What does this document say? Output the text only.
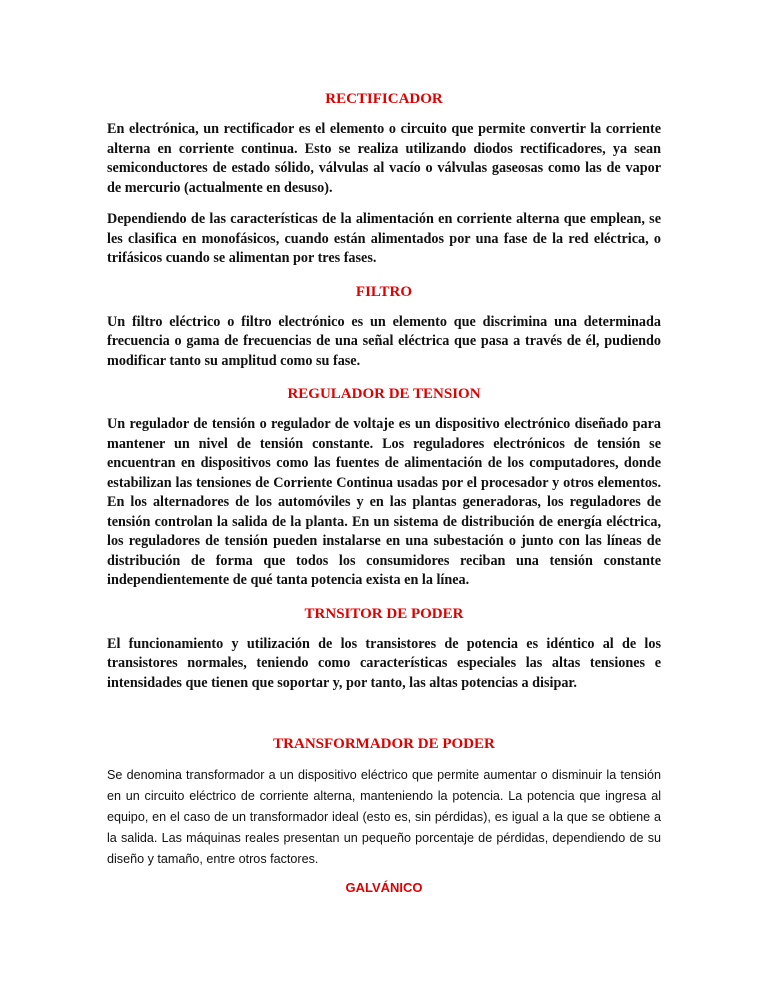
RECTIFICADOR

En electrónica, un rectificador es el elemento o circuito que permite convertir la corriente alterna en corriente continua. Esto se realiza utilizando diodos rectificadores, ya sean semiconductores de estado sólido, válvulas al vacío o válvulas gaseosas como las de vapor de mercurio (actualmente en desuso).

Dependiendo de las características de la alimentación en corriente alterna que emplean, se les clasifica en monofásicos, cuando están alimentados por una fase de la red eléctrica, o trifásicos cuando se alimentan por tres fases.

FILTRO

Un filtro eléctrico o filtro electrónico es un elemento que discrimina una determinada frecuencia o gama de frecuencias de una señal eléctrica que pasa a través de él, pudiendo modificar tanto su amplitud como su fase.

REGULADOR DE TENSION

Un regulador de tensión o regulador de voltaje es un dispositivo electrónico diseñado para mantener un nivel de tensión constante. Los reguladores electrónicos de tensión se encuentran en dispositivos como las fuentes de alimentación de los computadores, donde estabilizan las tensiones de Corriente Continua usadas por el procesador y otros elementos. En los alternadores de los automóviles y en las plantas generadoras, los reguladores de tensión controlan la salida de la planta. En un sistema de distribución de energía eléctrica, los reguladores de tensión pueden instalarse en una subestación o junto con las líneas de distribución de forma que todos los consumidores reciban una tensión constante independientemente de qué tanta potencia exista en la línea.

TRNSITOR DE PODER

El funcionamiento y utilización de los transistores de potencia es idéntico al de los transistores normales, teniendo como características especiales las altas tensiones e intensidades que tienen que soportar y, por tanto, las altas potencias a disipar.

TRANSFORMADOR DE PODER

Se denomina transformador a un dispositivo eléctrico que permite aumentar o disminuir la tensión en un circuito eléctrico de corriente alterna, manteniendo la potencia. La potencia que ingresa al equipo, en el caso de un transformador ideal (esto es, sin pérdidas), es igual a la que se obtiene a la salida. Las máquinas reales presentan un pequeño porcentaje de pérdidas, dependiendo de su diseño y tamaño, entre otros factores.

GALVÁNICO
